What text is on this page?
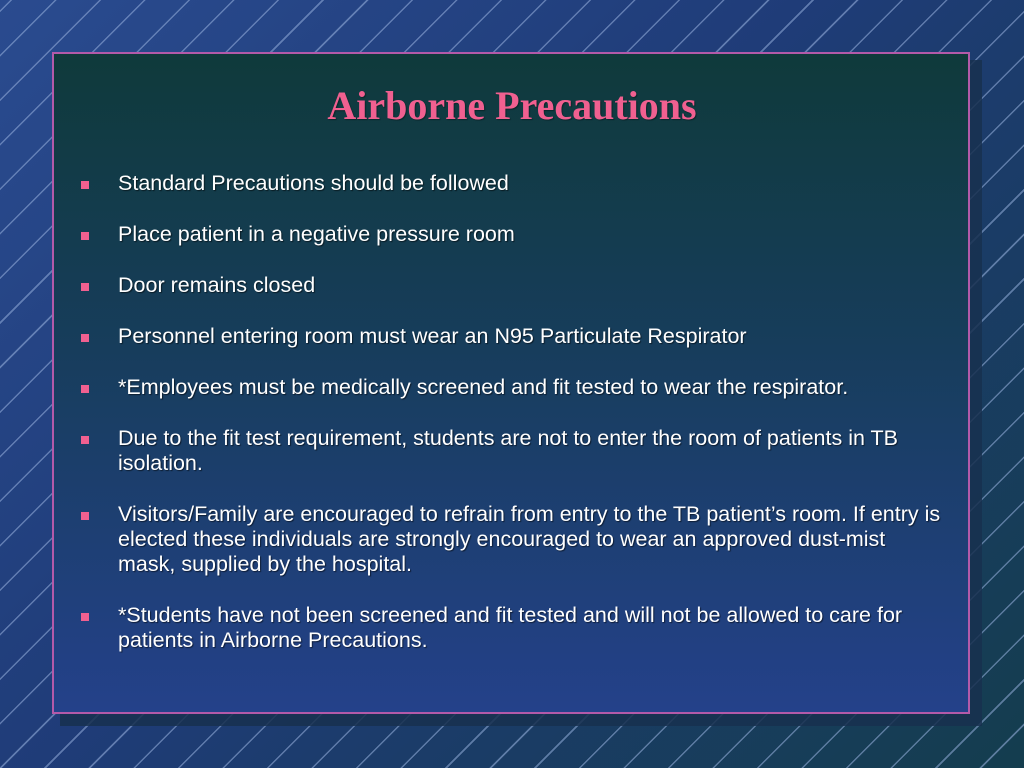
Airborne Precautions
Standard Precautions should be followed
Place patient in a negative pressure room
Door remains closed
Personnel entering room must wear an N95 Particulate Respirator
*Employees must be medically screened and fit tested to wear the respirator.
Due to the fit test requirement, students are not to enter the room of patients in TB isolation.
Visitors/Family are encouraged to refrain from entry to the TB patient’s room. If entry is elected these individuals are strongly encouraged to wear an approved dust-mist mask, supplied by the hospital.
*Students have not been screened and fit tested and will not be allowed to care for patients in Airborne Precautions.
